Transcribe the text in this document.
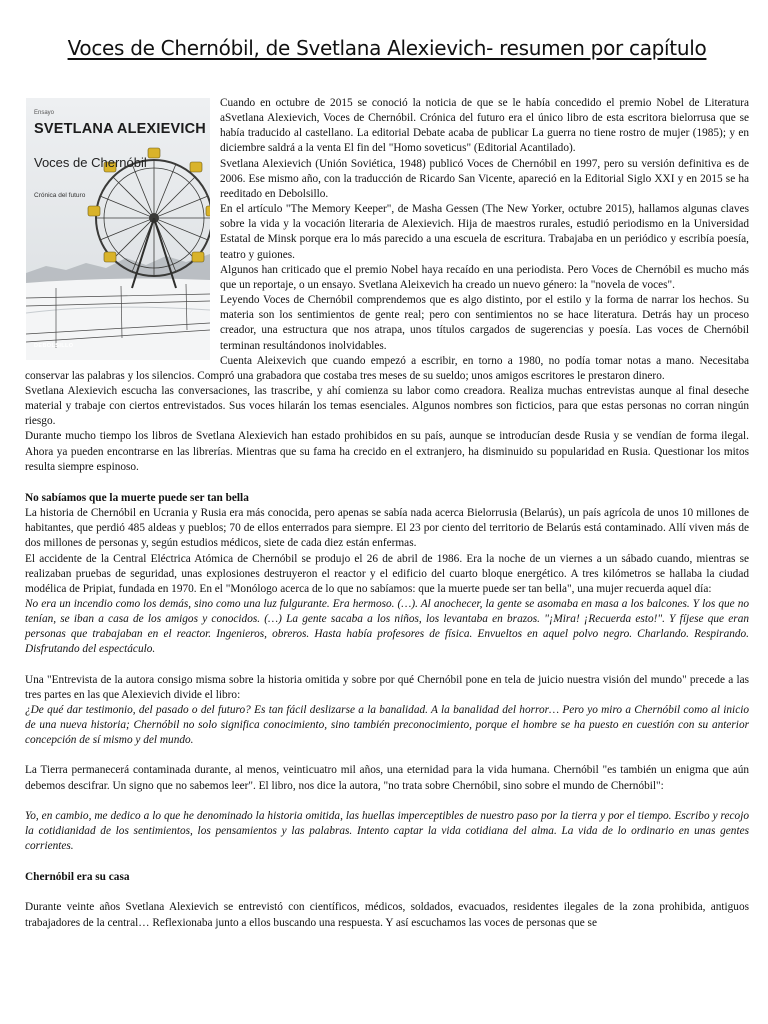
Voces de Chernóbil, de Svetlana Alexievich- resumen por capítulo
Ensayo
SVETLANA ALEXIEVICH
Voces de Chernóbil
Crónica del futuro
DEBOLSILLO

Cuando en octubre de 2015 se conoció la noticia de que se le había concedido el premio Nobel de Literatura aSvetlana Alexievich, Voces de Chernóbil. Crónica del futuro era el único libro de esta escritora bielorrusa que se había traducido al castellano. La editorial Debate acaba de publicar La guerra no tiene rostro de mujer (1985); y en diciembre saldrá a la venta El fin del "Homo soveticus" (Editorial Acantilado).

Svetlana Alexievich (Unión Soviética, 1948) publicó Voces de Chernóbil en 1997, pero su versión definitiva es de 2006. Ese mismo año, con la traducción de Ricardo San Vicente, apareció en la Editorial Siglo XXI y en 2015 se ha reeditado en Debolsillo.

En el artículo "The Memory Keeper", de Masha Gessen (The New Yorker, octubre 2015), hallamos algunas claves sobre la vida y la vocación literaria de Alexievich. Hija de maestros rurales, estudió periodismo en la Universidad Estatal de Minsk porque era lo más parecido a una escuela de escritura. Trabajaba en un periódico y escribía poesía, teatro y guiones.

Algunos han criticado que el premio Nobel haya recaído en una periodista. Pero Voces de Chernóbil es mucho más que un reportaje, o un ensayo. Svetlana Aleixevich ha creado un nuevo género: la "novela de voces".

Leyendo Voces de Chernóbil comprendemos que es algo distinto, por el estilo y la forma de narrar los hechos. Su materia son los sentimientos de gente real; pero con sentimientos no se hace literatura. Detrás hay un proceso creador, una estructura que nos atrapa, unos títulos cargados de sugerencias y poesía. Las voces de Chernóbil terminan resultándonos inolvidables.

Cuenta Aleixevich que cuando empezó a escribir, en torno a 1980, no podía tomar notas a mano. Necesitaba conservar las palabras y los silencios. Compró una grabadora que costaba tres meses de su sueldo; unos amigos escritores le prestaron dinero.

Svetlana Alexievich escucha las conversaciones, las trascribe, y ahí comienza su labor como creadora. Realiza muchas entrevistas aunque al final deseche material y trabaje con ciertos entrevistados. Sus voces hilarán los temas esenciales. Algunos nombres son ficticios, para que estas personas no corran ningún riesgo.

Durante mucho tiempo los libros de Svetlana Alexievich han estado prohibidos en su país, aunque se introducían desde Rusia y se vendían de forma ilegal. Ahora ya pueden encontrarse en las librerías. Mientras que su fama ha crecido en el extranjero, ha disminuido su popularidad en Rusia. Questionar los mitos resulta siempre espinoso.

No sabíamos que la muerte puede ser tan bella

La historia de Chernóbil en Ucrania y Rusia era más conocida, pero apenas se sabía nada acerca Bielorrusia (Belarús), un país agrícola de unos 10 millones de habitantes, que perdió 485 aldeas y pueblos; 70 de ellos enterrados para siempre. El 23 por ciento del territorio de Belarús está contaminado. Allí viven más de dos millones de personas y, según estudios médicos, siete de cada diez están enfermas.

El accidente de la Central Eléctrica Atómica de Chernóbil se produjo el 26 de abril de 1986. Era la noche de un viernes a un sábado cuando, mientras se realizaban pruebas de seguridad, unas explosiones destruyeron el reactor y el edificio del cuarto bloque energético. A tres kilómetros se hallaba la ciudad modélica de Pripiat, fundada en 1970. En el "Monólogo acerca de lo que no sabíamos: que la muerte puede ser tan bella", una mujer recuerda aquel día:

No era un incendio como los demás, sino como una luz fulgurante. Era hermoso. (…). Al anochecer, la gente se asomaba en masa a los balcones. Y los que no tenían, se iban a casa de los amigos y conocidos. (…) La gente sacaba a los niños, los levantaba en brazos. "¡Mira! ¡Recuerda esto!". Y fíjese que eran personas que trabajaban en el reactor. Ingenieros, obreros. Hasta había profesores de física. Envueltos en aquel polvo negro. Charlando. Respirando. Disfrutando del espectáculo.

Una "Entrevista de la autora consigo misma sobre la historia omitida y sobre por qué Chernóbil pone en tela de juicio nuestra visión del mundo" precede a las tres partes en las que Alexievich divide el libro:

¿De qué dar testimonio, del pasado o del futuro? Es tan fácil deslizarse a la banalidad. A la banalidad del horror… Pero yo miro a Chernóbil como al inicio de una nueva historia; Chernóbil no solo significa conocimiento, sino también preconocimiento, porque el hombre se ha puesto en cuestión con su anterior concepción de sí mismo y del mundo.

La Tierra permanecerá contaminada durante, al menos, veinticuatro mil años, una eternidad para la vida humana. Chernóbil "es también un enigma que aún debemos descifrar. Un signo que no sabemos leer". El libro, nos dice la autora, "no trata sobre Chernóbil, sino sobre el mundo de Chernóbil":

Yo, en cambio, me dedico a lo que he denominado la historia omitida, las huellas imperceptibles de nuestro paso por la tierra y por el tiempo. Escribo y recojo la cotidianidad de los sentimientos, los pensamientos y las palabras. Intento captar la vida cotidiana del alma. La vida de lo ordinario en unas gentes corrientes.

Chernóbil era su casa

Durante veinte años Svetlana Alexievich se entrevistó con científicos, médicos, soldados, evacuados, residentes ilegales de la zona prohibida, antiguos trabajadores de la central… Reflexionaba junto a ellos buscando una respuesta. Y así escuchamos las voces de personas que se
